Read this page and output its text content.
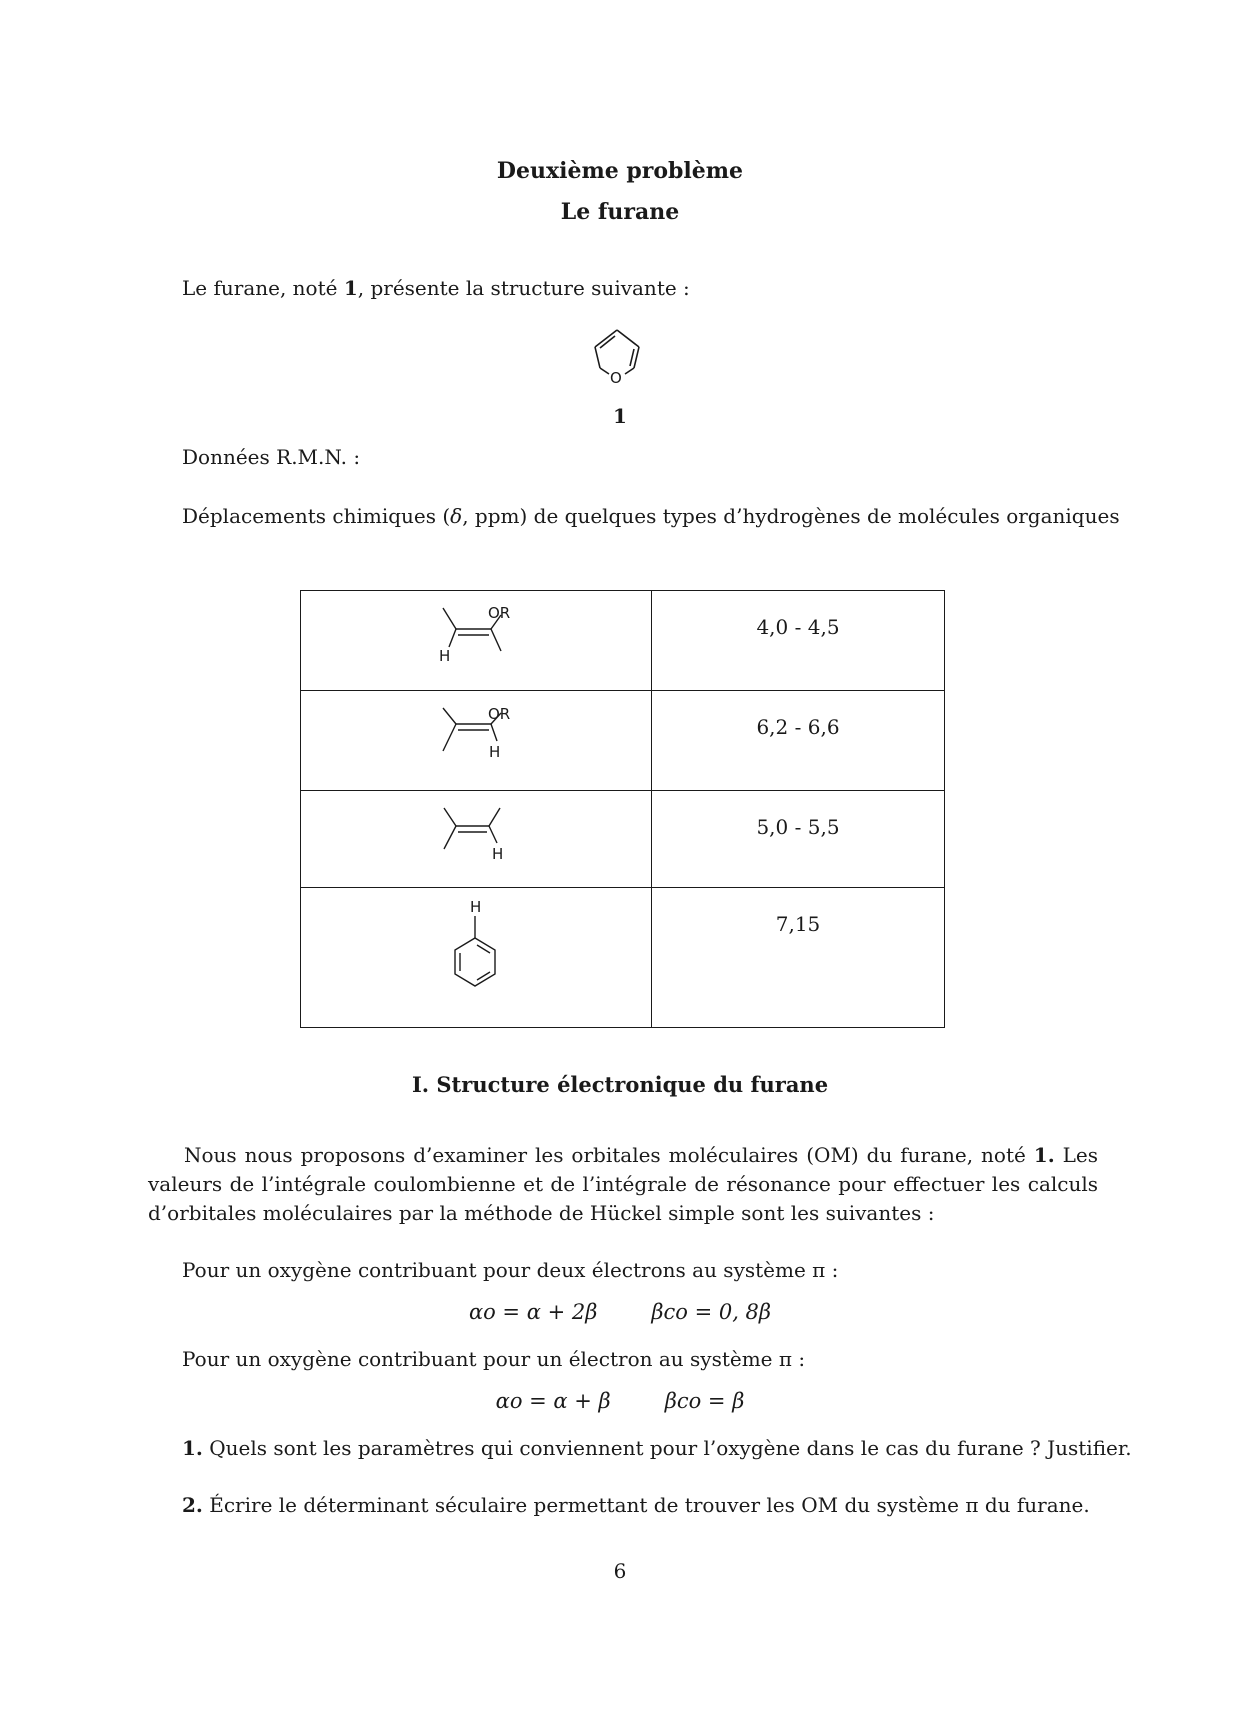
Deuxième problème
Le furane
Le furane, noté 1, présente la structure suivante :
O
1
Données R.M.N. :
Déplacements chimiques (δ, ppm) de quelques types d’hydrogènes de molécules organiques
OR
H	4,0 - 4,5

OR
H	6,2 - 6,6

H	5,0 - 5,5

H	7,15
I. Structure électronique du furane

Nous nous proposons d’examiner les orbitales moléculaires (OM) du furane, noté 1. Les valeurs de l’intégrale coulombienne et de l’intégrale de résonance pour effectuer les calculs d’orbitales moléculaires par la méthode de Hückel simple sont les suivantes :

Pour un oxygène contribuant pour deux électrons au système π :
αo = α + 2β	βco = 0, 8β
Pour un oxygène contribuant pour un électron au système π :
αo = α + β	βco = β
1. Quels sont les paramètres qui conviennent pour l’oxygène dans le cas du furane ? Justifier.
2. Écrire le déterminant séculaire permettant de trouver les OM du système π du furane.
6
